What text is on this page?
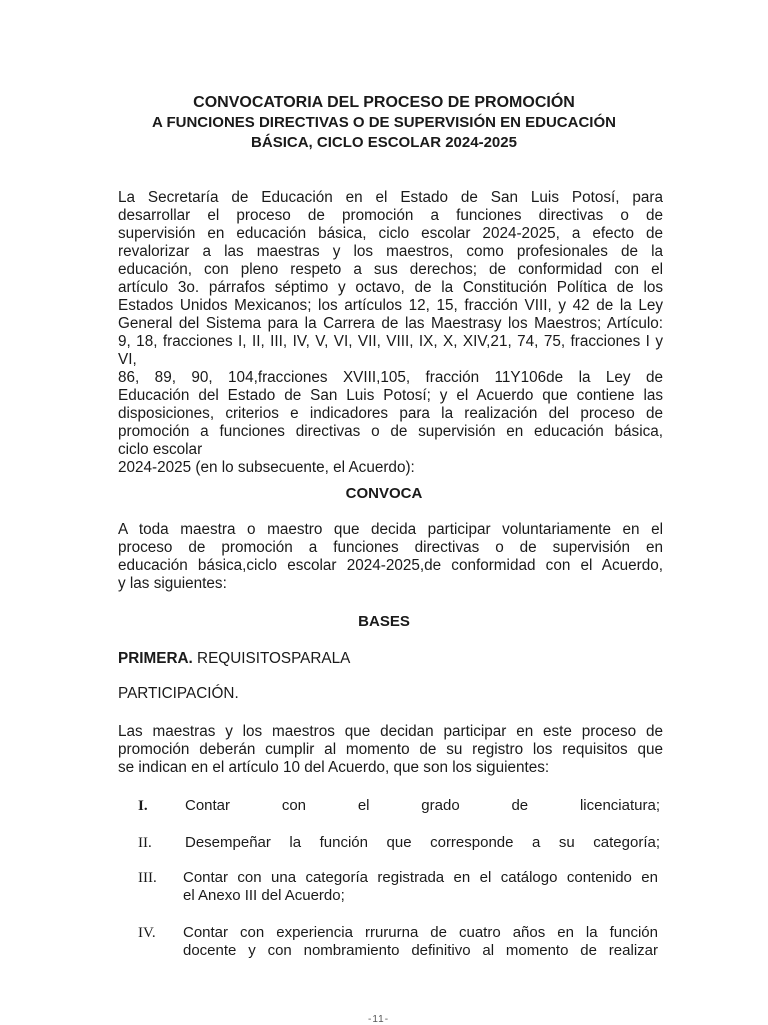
CONVOCATORIA DEL PROCESO DE PROMOCIÓN
A FUNCIONES DIRECTIVAS O DE SUPERVISIÓN EN EDUCACIÓN
BÁSICA, CICLO ESCOLAR 2024-2025
La Secretaría de Educación en el Estado de San Luis Potosí, para
desarrollar el proceso de promoción a funciones directivas o de
supervisión en educación básica, ciclo escolar 2024-2025, a efecto de
revalorizar a las maestras y los maestros, como profesionales de la
educación, con pleno respeto a sus derechos; de conformidad con el
artículo 3o. párrafos séptimo y octavo, de la Constitución Política de los
Estados Unidos Mexicanos; los artículos 12, 15, fracción VIII, y 42 de la Ley
General del Sistema para la Carrera de las Maestrasy los Maestros; Artículo:
9, 18, fracciones I, II, III, IV, V, VI, VII, VIII, IX, X, XIV,21, 74, 75, fracciones I y VI,
86, 89, 90, 104,fracciones XVIII,105, fracción 11Y106de la Ley de
Educación del Estado de San Luis Potosí; y el Acuerdo que contiene las
disposiciones, criterios e indicadores para la realización del proceso de
promoción a funciones directivas o de supervisión en educación básica,
ciclo escolar
2024-2025 (en lo subsecuente, el Acuerdo):
CONVOCA
A toda maestra o maestro que decida participar voluntariamente en el
proceso de promoción a funciones directivas o de supervisión en
educación básica,ciclo escolar 2024-2025,de conformidad con el Acuerdo,
y las siguientes:
BASES
PRIMERA. REQUISITOSPARALA
PARTICIPACIÓN.
Las maestras y los maestros que decidan participar en este proceso de
promoción deberán cumplir al momento de su registro los requisitos que
se indican en el artículo 10 del Acuerdo, que son los siguientes:
I. Contar con el grado de licenciatura;
II. Desempeñar la función que corresponde a su categoría;
III. Contar con una categoría registrada en el catálogo contenido en
el Anexo III del Acuerdo;
IV. Contar con experiencia rrururna de cuatro años en la función
docente y con nombramiento definitivo al momento de realizar
-11-
